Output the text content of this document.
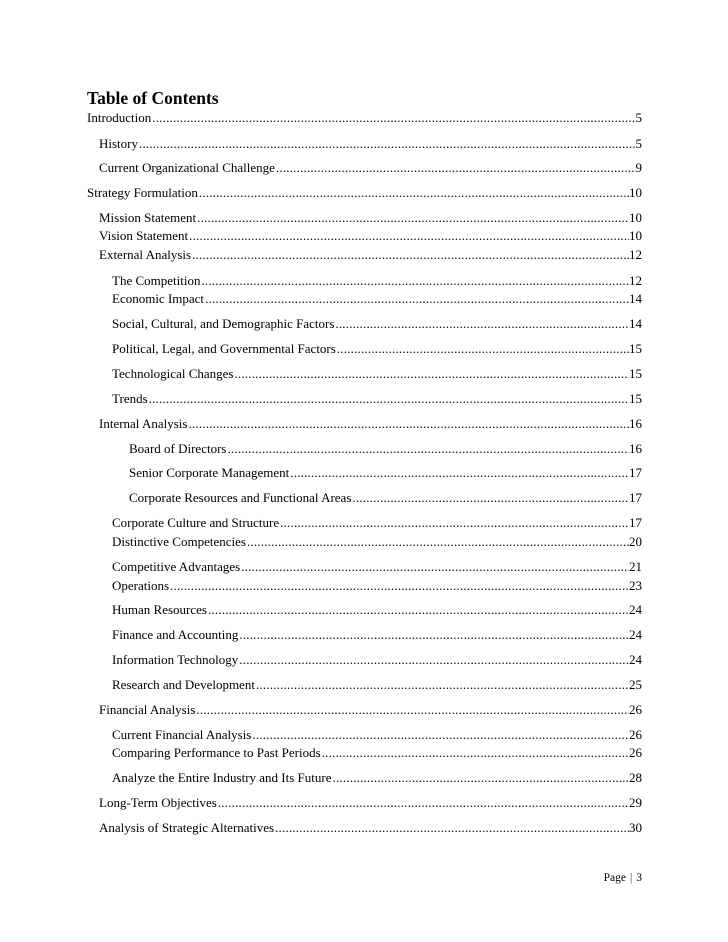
Table of Contents
Introduction .....	5
History .....	5
Current Organizational Challenge .....	9
Strategy Formulation .....	10
Mission Statement .....	10
Vision Statement .....	10
External Analysis .....	12
The Competition .....	12
Economic Impact .....	14
Social, Cultural, and Demographic Factors .....	14
Political, Legal, and Governmental Factors .....	15
Technological Changes .....	15
Trends .....	15
Internal Analysis .....	16
Board of Directors .....	16
Senior Corporate Management .....	17
Corporate Resources and Functional Areas .....	17
Corporate Culture and Structure .....	17
Distinctive Competencies .....	20
Competitive Advantages .....	21
Operations .....	23
Human Resources .....	24
Finance and Accounting .....	24
Information Technology .....	24
Research and Development .....	25
Financial Analysis .....	26
Current Financial Analysis .....	26
Comparing Performance to Past Periods .....	26
Analyze the Entire Industry and Its Future .....	28
Long-Term Objectives .....	29
Analysis of Strategic Alternatives .....	30
Page | 3
